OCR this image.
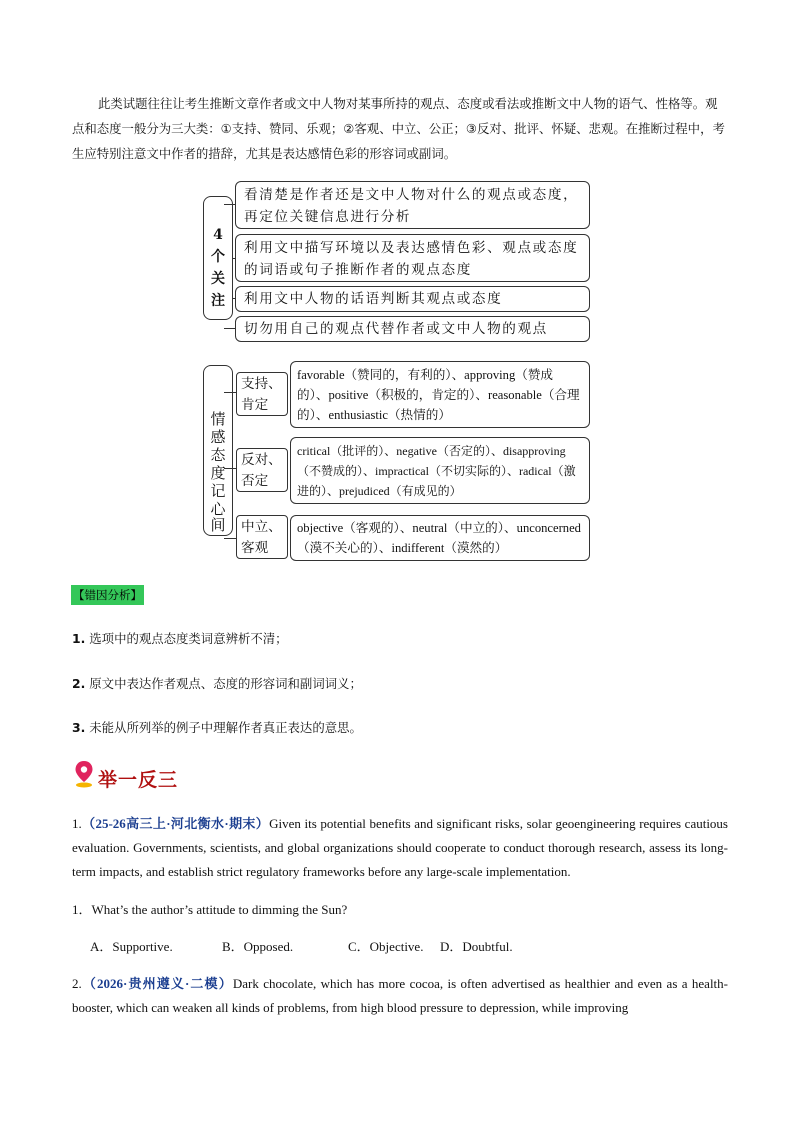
此类试题往往让考生推断文章作者或文中人物对某事所持的观点、态度或看法或推断文中人物的语气、性格等。观点和态度一般分为三大类：①支持、赞同、乐观；②客观、中立、公正；③反对、批评、怀疑、悲观。在推断过程中，考生应特别注意文中作者的措辞，尤其是表达感情色彩的形容词或副词。
4
个
关
注
看清楚是作者还是文中人物对什么的观点或态度，再定位关键信息进行分析
利用文中描写环境以及表达感情色彩、观点或态度的词语或句子推断作者的观点态度
利用文中人物的话语判断其观点或态度
切勿用自己的观点代替作者或文中人物的观点
情
感
态
度
记
心
间
支持、肯定
favorable（赞同的，有利的）、approving（赞成的）、positive（积极的，肯定的）、reasonable（合理的）、enthusiastic（热情的）
反对、否定
critical（批评的）、negative（否定的）、disapproving（不赞成的）、impractical（不切实际的）、radical（激进的）、prejudiced（有成见的）
中立、客观
objective（客观的）、neutral（中立的）、unconcerned（漠不关心的）、indifferent（漠然的）
【错因分析】
1. 选项中的观点态度类词意辨析不清；
2. 原文中表达作者观点、态度的形容词和副词词义；
3. 未能从所列举的例子中理解作者真正表达的意思。
举一反三
1.（25-26高三上·河北衡水·期末）Given its potential benefits and significant risks, solar geoengineering requires cautious evaluation. Governments, scientists, and global organizations should cooperate to conduct thorough research, assess its long-term impacts, and establish strict regulatory frameworks before any large-scale implementation.
1．What’s the author’s attitude to dimming the Sun?
A．Supportive.	B．Opposed.	C．Objective. D．Doubtful.
2.（2026·贵州遵义·二模）Dark chocolate, which has more cocoa, is often advertised as healthier and even as a health-booster, which can weaken all kinds of problems, from high blood pressure to depression, while improving
